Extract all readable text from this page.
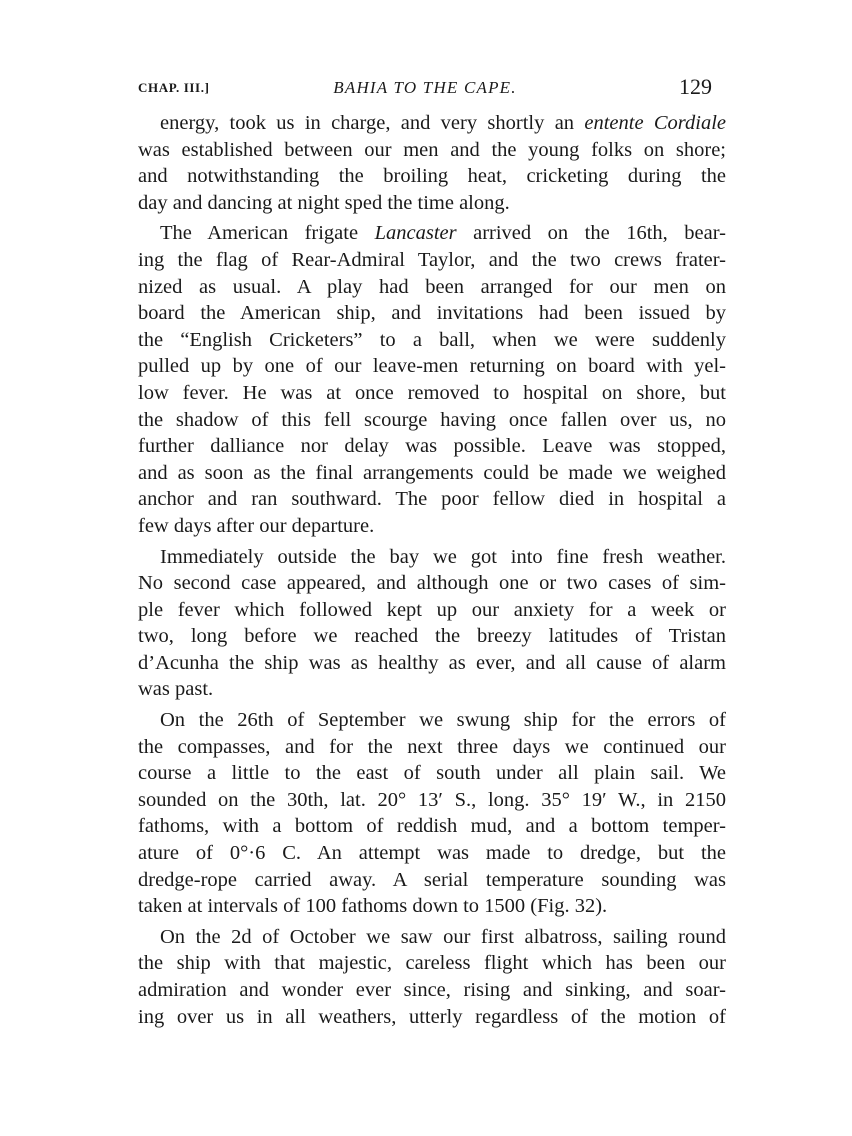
CHAP. III.]	BAHIA TO THE CAPE.	129
energy, took us in charge, and very shortly an entente Cordiale
was established between our men and the young folks on shore;
and notwithstanding the broiling heat, cricketing during the
day and dancing at night sped the time along.
The American frigate Lancaster arrived on the 16th, bear-
ing the flag of Rear-Admiral Taylor, and the two crews frater-
nized as usual. A play had been arranged for our men on
board the American ship, and invitations had been issued by
the “English Cricketers” to a ball, when we were suddenly
pulled up by one of our leave-men returning on board with yel-
low fever. He was at once removed to hospital on shore, but
the shadow of this fell scourge having once fallen over us, no
further dalliance nor delay was possible. Leave was stopped,
and as soon as the final arrangements could be made we weighed
anchor and ran southward. The poor fellow died in hospital a
few days after our departure.
Immediately outside the bay we got into fine fresh weather.
No second case appeared, and although one or two cases of sim-
ple fever which followed kept up our anxiety for a week or
two, long before we reached the breezy latitudes of Tristan
d’Acunha the ship was as healthy as ever, and all cause of alarm
was past.
On the 26th of September we swung ship for the errors of
the compasses, and for the next three days we continued our
course a little to the east of south under all plain sail. We
sounded on the 30th, lat. 20° 13′ S., long. 35° 19′ W., in 2150
fathoms, with a bottom of reddish mud, and a bottom temper-
ature of 0°·6 C. An attempt was made to dredge, but the
dredge-rope carried away. A serial temperature sounding was
taken at intervals of 100 fathoms down to 1500 (Fig. 32).
On the 2d of October we saw our first albatross, sailing round
the ship with that majestic, careless flight which has been our
admiration and wonder ever since, rising and sinking, and soar-
ing over us in all weathers, utterly regardless of the motion of
